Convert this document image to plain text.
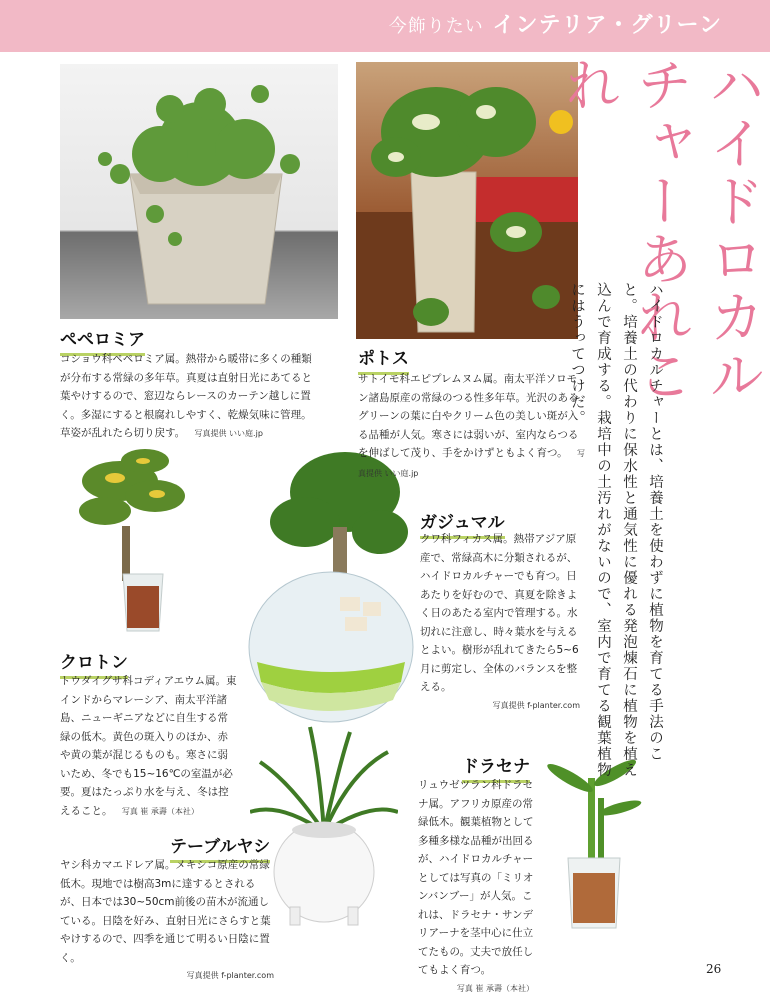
今飾りたい インテリア・グリーン
ハイドロカルチャーあれこれ
ハイドロカルチャーとは、培養土を使わずに植物を育てる手法のこと。培養土の代わりに保水性と通気性に優れる発泡煉石に植物を植え込んで育成する。栽培中の土汚れがないので、室内で育てる観葉植物にはうってつけだ。
ペペロミア
コショウ科ペペロミア属。熱帯から暖帯に多くの種類が分布する常緑の多年草。真夏は直射日光にあてると葉やけするので、窓辺ならレースのカーテン越しに置く。多湿にすると根腐れしやすく、乾燥気味に管理。草姿が乱れたら切り戻す。 写真提供 いい庭.jp
ポトス
サトイモ科エピプレムヌム属。南太平洋ソロモン諸島原産の常緑のつる性多年草。光沢のあるグリーンの葉に白やクリーム色の美しい斑が入る品種が人気。寒さには弱いが、室内ならつるを伸ばして茂り、手をかけずともよく育つ。 写真提供 いい庭.jp
ガジュマル
クワ科フィカス属。熱帯アジア原産で、常緑高木に分類されるが、ハイドロカルチャーでも育つ。日あたりを好むので、真夏を除きよく日のあたる室内で管理する。水切れに注意し、時々葉水を与えるとよい。樹形が乱れてきたら5~6月に剪定し、全体のバランスを整える。
写真提供 f-planter.com
クロトン
トウダイグサ科コディアエウム属。東インドからマレーシア、南太平洋諸島、ニューギニアなどに自生する常緑の低木。黄色の斑入りのほか、赤や黄の葉が混じるものも。寒さに弱いため、冬でも15~16℃の室温が必要。夏はたっぷり水を与え、冬は控えること。 写真 崔 承壽（本社）
ドラセナ
リュウゼツラン科ドラセナ属。アフリカ原産の常緑低木。観葉植物として多種多様な品種が出回るが、ハイドロカルチャーとしては写真の「ミリオンバンブー」が人気。これは、ドラセナ・サンデリアーナを茎中心に仕立てたもの。丈夫で放任してもよく育つ。
写真 崔 承壽（本社）
テーブルヤシ
ヤシ科カマエドレア属。メキシコ原産の常緑低木。現地では樹高3mに達するとされるが、日本では30~50cm前後の苗木が流通している。日陰を好み、直射日光にさらすと葉やけするので、四季を通じて明るい日陰に置く。
写真提供 f-planter.com	26
